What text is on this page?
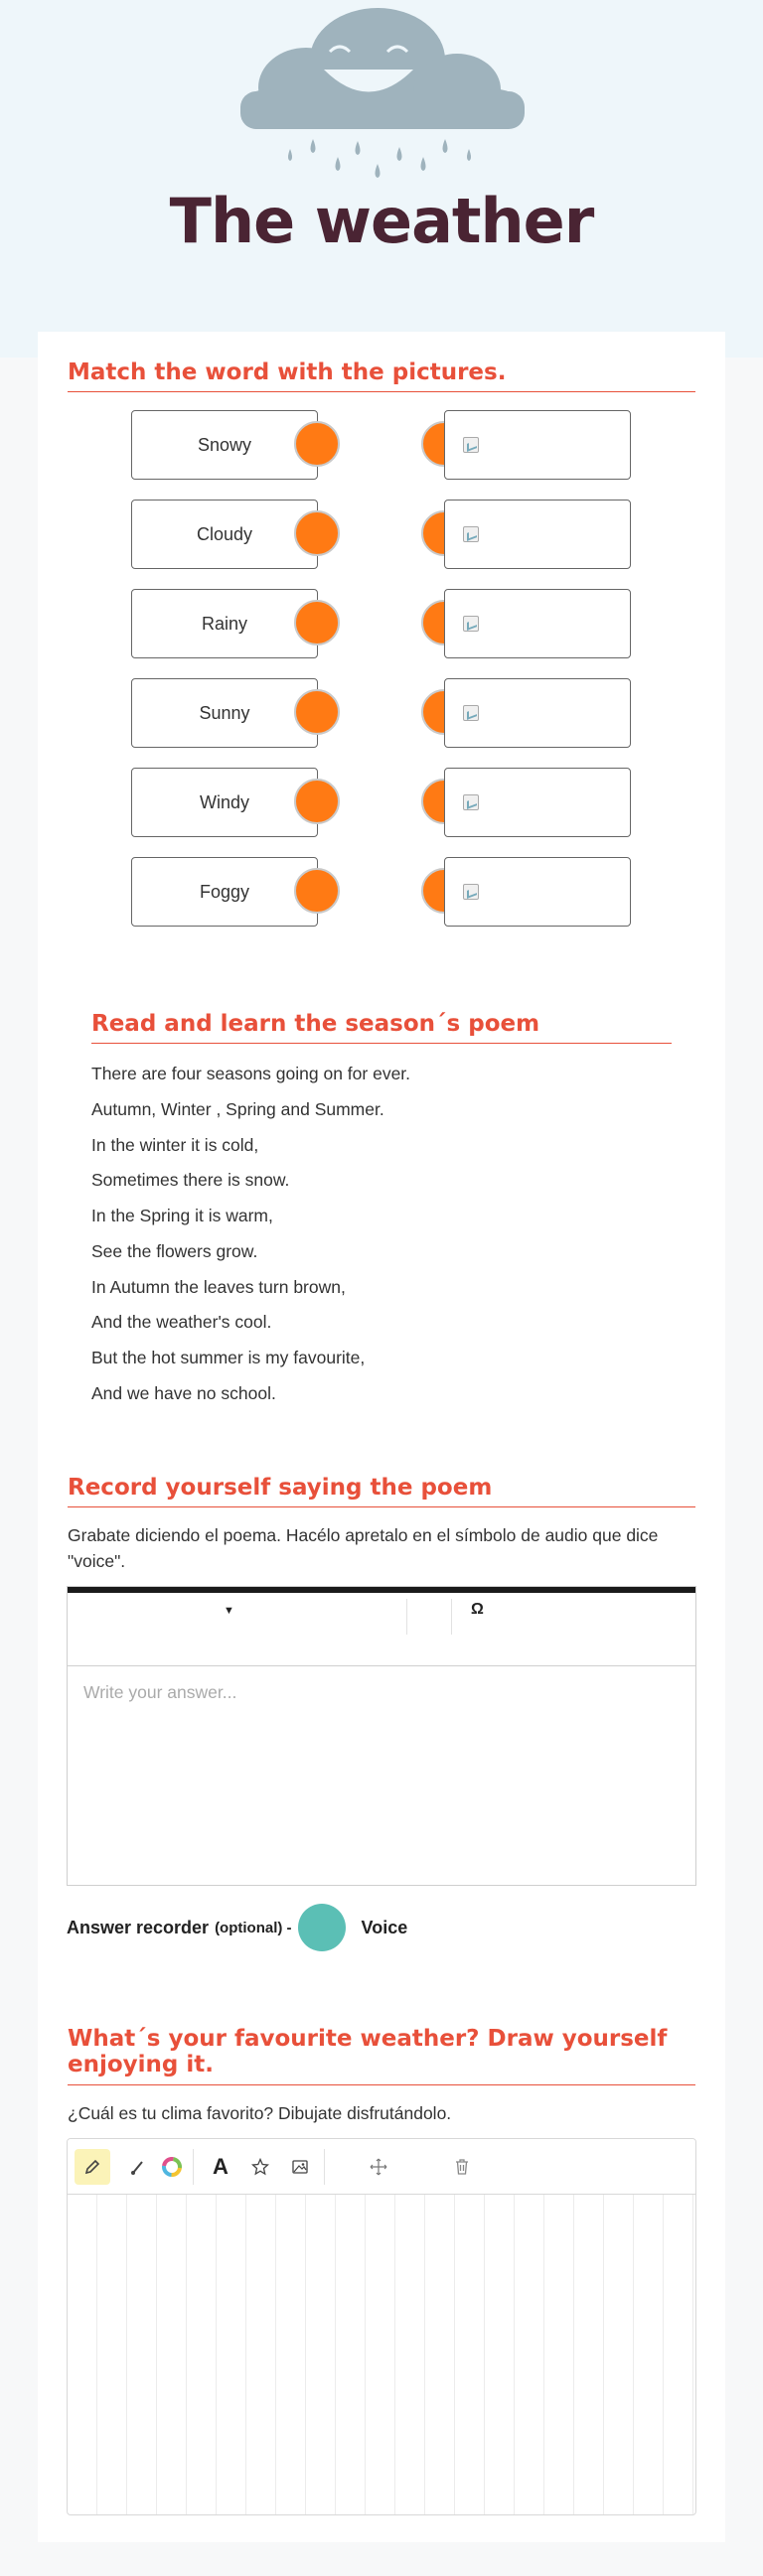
The weather
Match the word with the pictures.
Snowy
Cloudy
Rainy
Sunny
Windy
Foggy
Read and learn the season´s poem
There are four seasons going on for ever.
Autumn, Winter , Spring and Summer.
In the winter it is cold,
Sometimes there is snow.
In the Spring it is warm,
See the flowers grow.
In Autumn the leaves turn brown,
And the weather's cool.
But the hot summer is my favourite,
And we have no school.
Record yourself saying the poem
Grabate diciendo el poema. Hacélo apretalo en el símbolo de audio que dice "voice".
▼	Ω
Write your answer...
Answer recorder (optional) -	Voice
What´s your favourite weather? Draw yourself enjoying it.
¿Cuál es tu clima favorito? Dibujate disfrutándolo.
A
